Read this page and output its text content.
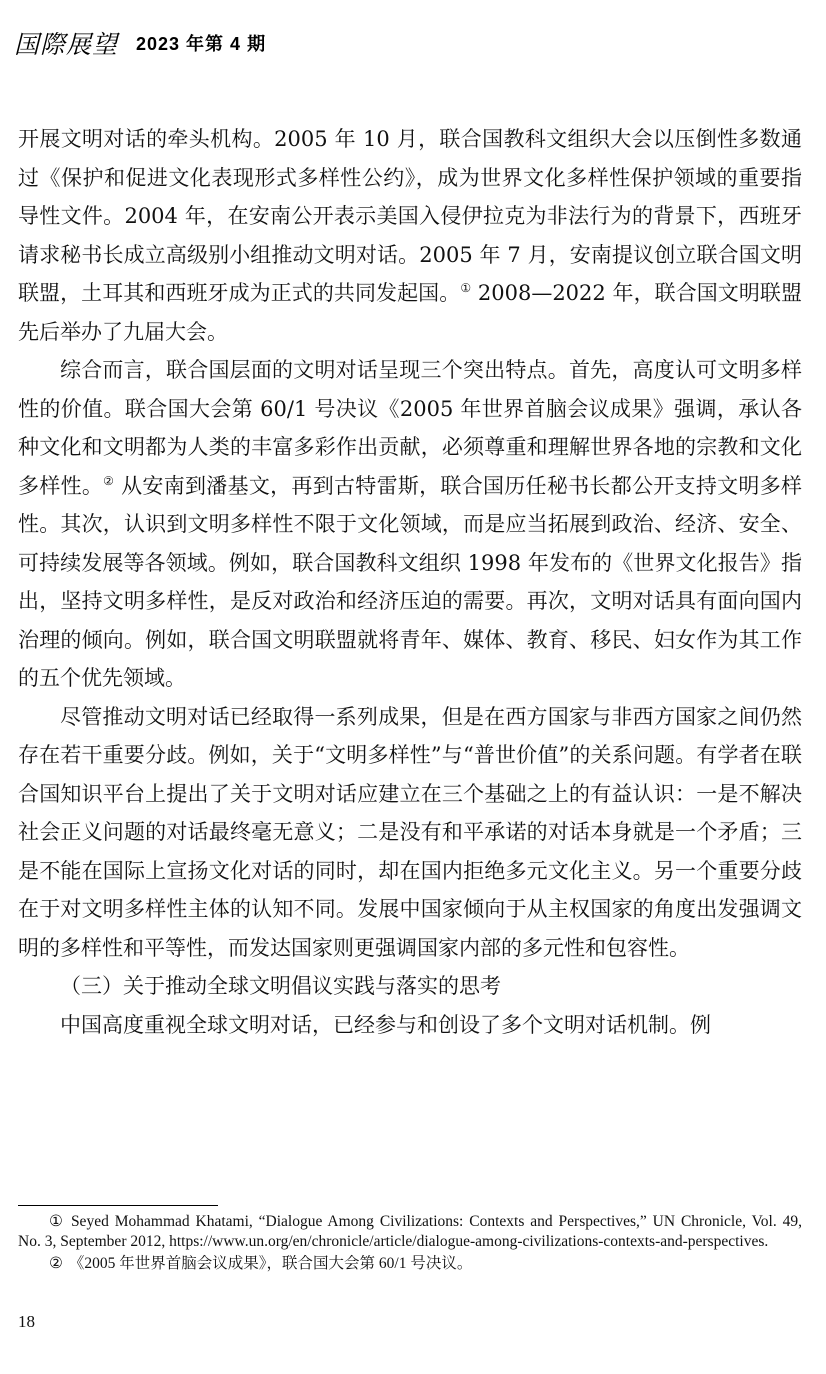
国際展望 2023 年第 4 期

开展文明对话的牵头机构。2005 年 10 月，联合国教科文组织大会以压倒性多数通过《保护和促进文化表现形式多样性公约》，成为世界文化多样性保护领域的重要指导性文件。2004 年，在安南公开表示美国入侵伊拉克为非法行为的背景下，西班牙请求秘书长成立高级别小组推动文明对话。2005 年 7 月，安南提议创立联合国文明联盟，土耳其和西班牙成为正式的共同发起国。① 2008—2022 年，联合国文明联盟先后举办了九届大会。

综合而言，联合国层面的文明对话呈现三个突出特点。首先，高度认可文明多样性的价值。联合国大会第 60/1 号决议《2005 年世界首脑会议成果》强调，承认各种文化和文明都为人类的丰富多彩作出贡献，必须尊重和理解世界各地的宗教和文化多样性。② 从安南到潘基文，再到古特雷斯，联合国历任秘书长都公开支持文明多样性。其次，认识到文明多样性不限于文化领域，而是应当拓展到政治、经济、安全、可持续发展等各领域。例如，联合国教科文组织 1998 年发布的《世界文化报告》指出，坚持文明多样性，是反对政治和经济压迫的需要。再次，文明对话具有面向国内治理的倾向。例如，联合国文明联盟就将青年、媒体、教育、移民、妇女作为其工作的五个优先领域。

尽管推动文明对话已经取得一系列成果，但是在西方国家与非西方国家之间仍然存在若干重要分歧。例如，关于“文明多样性”与“普世价值”的关系问题。有学者在联合国知识平台上提出了关于文明对话应建立在三个基础之上的有益认识：一是不解决社会正义问题的对话最终毫无意义；二是没有和平承诺的对话本身就是一个矛盾；三是不能在国际上宣扬文化对话的同时，却在国内拒绝多元文化主义。另一个重要分歧在于对文明多样性主体的认知不同。发展中国家倾向于从主权国家的角度出发强调文明的多样性和平等性，而发达国家则更强调国家内部的多元性和包容性。

（三）关于推动全球文明倡议实践与落实的思考

中国高度重视全球文明对话，已经参与和创设了多个文明对话机制。例

① Seyed Mohammad Khatami, “Dialogue Among Civilizations: Contexts and Perspectives,” UN Chronicle, Vol. 49, No. 3, September 2012, https://www.un.org/en/chronicle/article/dialogue-among-civilizations-contexts-and-perspectives.

② 《2005 年世界首脑会议成果》，联合国大会第 60/1 号决议。

18
